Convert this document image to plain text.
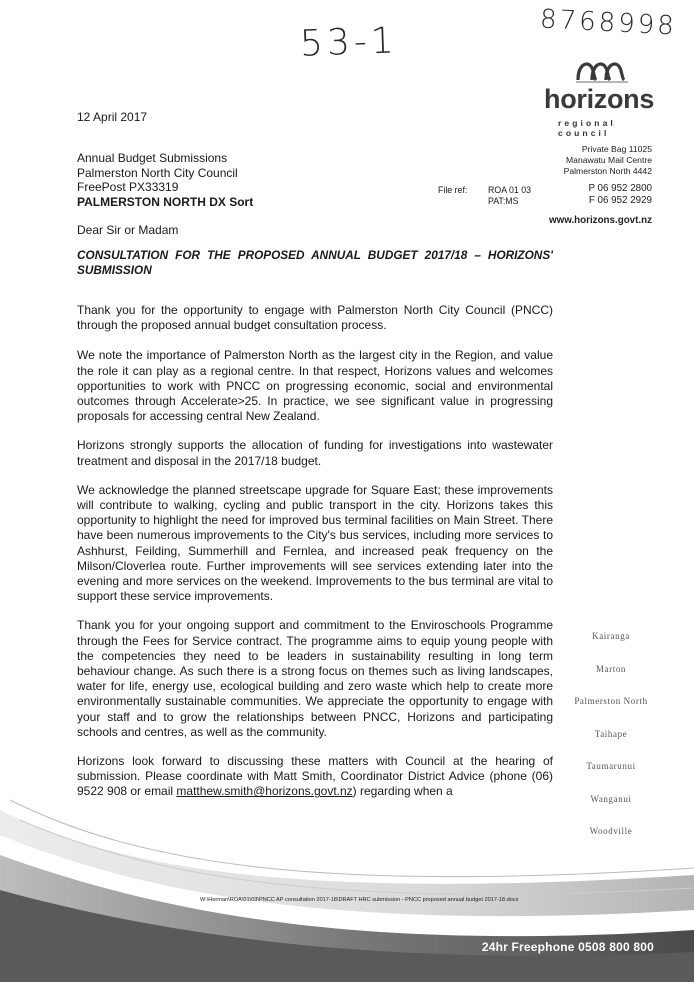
53-1	8768998
horizons
regional council
Private Bag 11025
Manawatu Mail Centre
Palmerston North 4442
P 06 952 2800
F 06 952 2929
www.horizons.govt.nz
12 April 2017
Annual Budget Submissions
Palmerston North City Council
FreePost PX33319
PALMERSTON NORTH DX Sort
File ref:	ROA 01 03
PAT:MS
Dear Sir or Madam
CONSULTATION FOR THE PROPOSED ANNUAL BUDGET 2017/18 – HORIZONS' SUBMISSION

Thank you for the opportunity to engage with Palmerston North City Council (PNCC) through the proposed annual budget consultation process.

We note the importance of Palmerston North as the largest city in the Region, and value the role it can play as a regional centre. In that respect, Horizons values and welcomes opportunities to work with PNCC on progressing economic, social and environmental outcomes through Accelerate>25. In practice, we see significant value in progressing proposals for accessing central New Zealand.

Horizons strongly supports the allocation of funding for investigations into wastewater treatment and disposal in the 2017/18 budget.

We acknowledge the planned streetscape upgrade for Square East; these improvements will contribute to walking, cycling and public transport in the city. Horizons takes this opportunity to highlight the need for improved bus terminal facilities on Main Street. There have been numerous improvements to the City's bus services, including more services to Ashhurst, Feilding, Summerhill and Fernlea, and increased peak frequency on the Milson/Cloverlea route. Further improvements will see services extending later into the evening and more services on the weekend. Improvements to the bus terminal are vital to support these service improvements.

Thank you for your ongoing support and commitment to the Enviroschools Programme through the Fees for Service contract. The programme aims to equip young people with the competencies they need to be leaders in sustainability resulting in long term behaviour change. As such there is a strong focus on themes such as living landscapes, water for life, energy use, ecological building and zero waste which help to create more environmentally sustainable communities. We appreciate the opportunity to engage with your staff and to grow the relationships between PNCC, Horizons and participating schools and centres, as well as the community.

Horizons look forward to discussing these matters with Council at the hearing of submission. Please coordinate with Matt Smith, Coordinator District Advice (phone (06) 9522 908 or email matthew.smith@horizons.govt.nz) regarding when a

Kairanga
Marton
Palmerston North
Taihape
Taumarunui
Wanganui
Woodville
W:\Herman\ROA\01\03\PNCC AP consultation 2017-18\DRAFT HRC submission - PNCC proposed annual budget 2017-18.docx
24hr Freephone 0508 800 800
